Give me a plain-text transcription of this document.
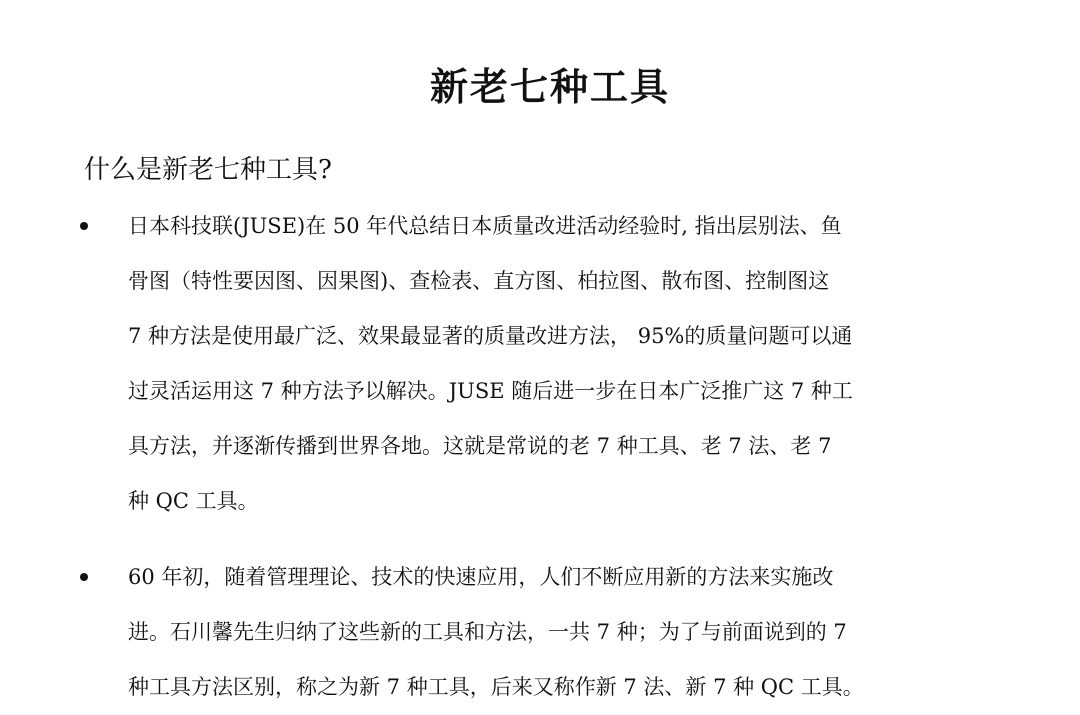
新老七种工具
什么是新老七种工具?
日本科技联(JUSE)在 50 年代总结日本质量改进活动经验时, 指出层别法、鱼
骨图（特性要因图、因果图)、查检表、直方图、柏拉图、散布图、控制图这
7 种方法是使用最广泛、效果最显著的质量改进方法， 95%的质量问题可以通
过灵活运用这 7 种方法予以解决。JUSE 随后进一步在日本广泛推广这 7 种工
具方法，并逐渐传播到世界各地。这就是常说的老 7 种工具、老 7 法、老 7
种 QC 工具。
60 年初，随着管理理论、技术的快速应用，人们不断应用新的方法来实施改
进。石川馨先生归纳了这些新的工具和方法，一共 7 种；为了与前面说到的 7
种工具方法区别，称之为新 7 种工具，后来又称作新 7 法、新 7 种 QC 工具。
